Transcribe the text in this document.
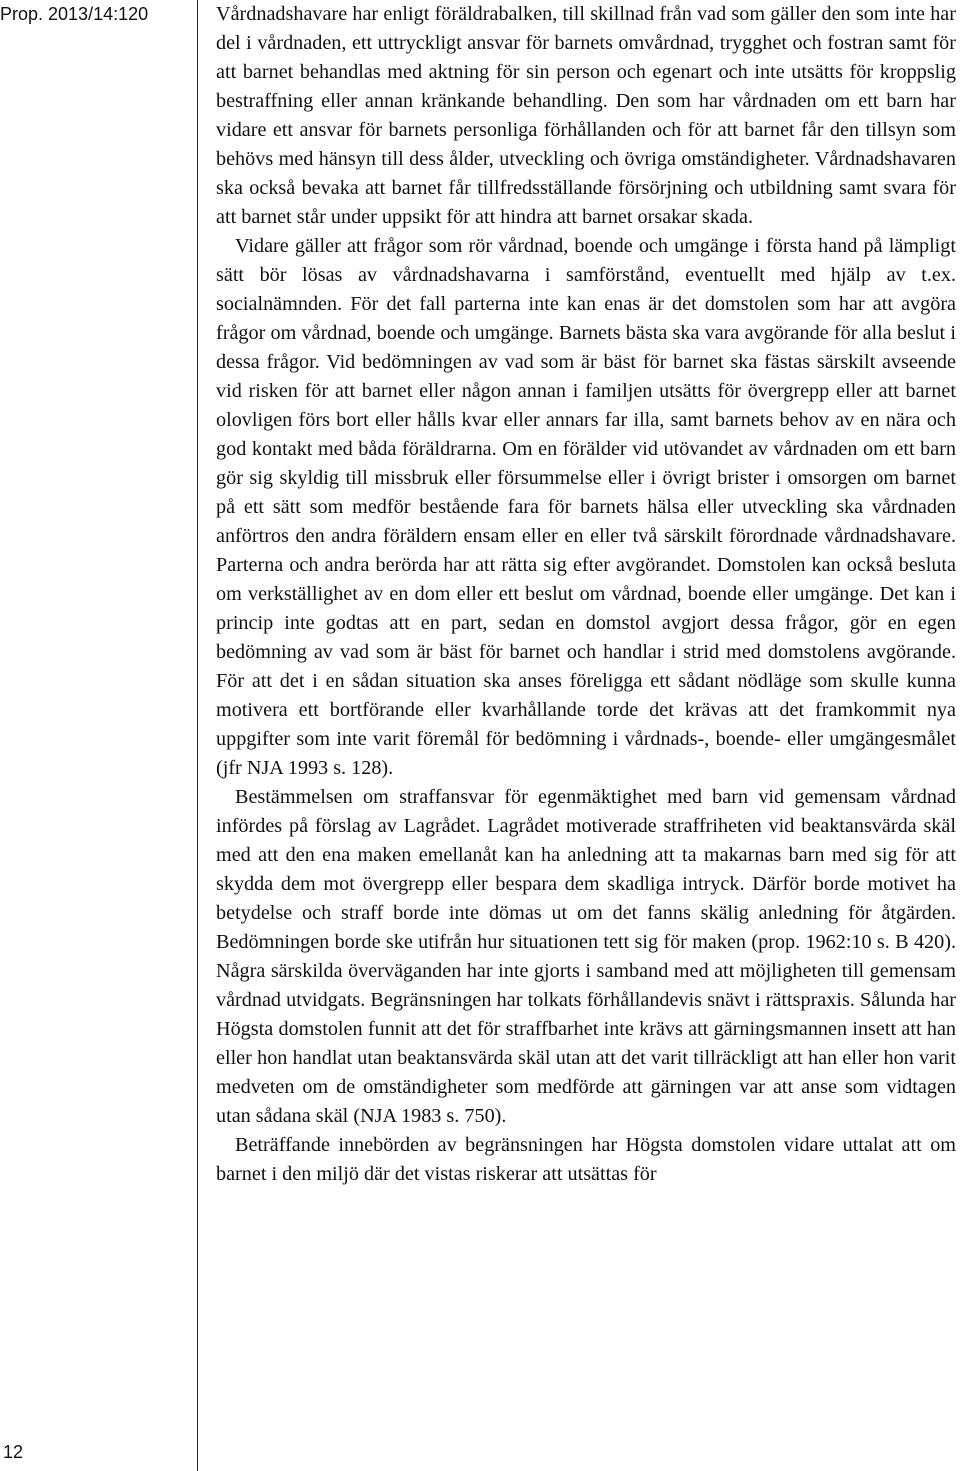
Prop. 2013/14:120	Vårdnadshavare har enligt föräldrabalken, till skillnad från vad som gäller den som inte har del i vårdnaden, ett uttryckligt ansvar för barnets omvårdnad, trygghet och fostran samt för att barnet behandlas med aktning för sin person och egenart och inte utsätts för kroppslig bestraffning eller annan kränkande behandling. Den som har vårdnaden om ett barn har vidare ett ansvar för barnets personliga förhållanden och för att barnet får den tillsyn som behövs med hänsyn till dess ålder, utveckling och övriga omständigheter. Vårdnadshavaren ska också bevaka att barnet får tillfredsställande försörjning och utbildning samt svara för att barnet står under uppsikt för att hindra att barnet orsakar skada.

Vidare gäller att frågor som rör vårdnad, boende och umgänge i första hand på lämpligt sätt bör lösas av vårdnadshavarna i samförstånd, eventuellt med hjälp av t.ex. socialnämnden. För det fall parterna inte kan enas är det domstolen som har att avgöra frågor om vårdnad, boende och umgänge. Barnets bästa ska vara avgörande för alla beslut i dessa frågor. Vid bedömningen av vad som är bäst för barnet ska fästas särskilt avseende vid risken för att barnet eller någon annan i familjen utsätts för övergrepp eller att barnet olovligen förs bort eller hålls kvar eller annars far illa, samt barnets behov av en nära och god kontakt med båda föräldrarna. Om en förälder vid utövandet av vårdnaden om ett barn gör sig skyldig till missbruk eller försummelse eller i övrigt brister i omsorgen om barnet på ett sätt som medför bestående fara för barnets hälsa eller utveckling ska vårdnaden anförtros den andra föräldern ensam eller en eller två särskilt förordnade vårdnadshavare. Parterna och andra berörda har att rätta sig efter avgörandet. Domstolen kan också besluta om verkställighet av en dom eller ett beslut om vårdnad, boende eller umgänge. Det kan i princip inte godtas att en part, sedan en domstol avgjort dessa frågor, gör en egen bedömning av vad som är bäst för barnet och handlar i strid med domstolens avgörande. För att det i en sådan situation ska anses föreligga ett sådant nödläge som skulle kunna motivera ett bortförande eller kvarhållande torde det krävas att det framkommit nya uppgifter som inte varit föremål för bedömning i vårdnads-, boende- eller umgängesmålet (jfr NJA 1993 s. 128).

Bestämmelsen om straffansvar för egenmäktighet med barn vid gemensam vårdnad infördes på förslag av Lagrådet. Lagrådet motiverade straffriheten vid beaktansvärda skäl med att den ena maken emellanåt kan ha anledning att ta makarnas barn med sig för att skydda dem mot övergrepp eller bespara dem skadliga intryck. Därför borde motivet ha betydelse och straff borde inte dömas ut om det fanns skälig anledning för åtgärden. Bedömningen borde ske utifrån hur situationen tett sig för maken (prop. 1962:10 s. B 420). Några särskilda överväganden har inte gjorts i samband med att möjligheten till gemensam vårdnad utvidgats. Begränsningen har tolkats förhållandevis snävt i rättspraxis. Sålunda har Högsta domstolen funnit att det för straffbarhet inte krävs att gärningsmannen insett att han eller hon handlat utan beaktansvärda skäl utan att det varit tillräckligt att han eller hon varit medveten om de omständigheter som medförde att gärningen var att anse som vidtagen utan sådana skäl (NJA 1983 s. 750).

Beträffande innebörden av begränsningen har Högsta domstolen vidare uttalat att om barnet i den miljö där det vistas riskerar att utsättas för

12
